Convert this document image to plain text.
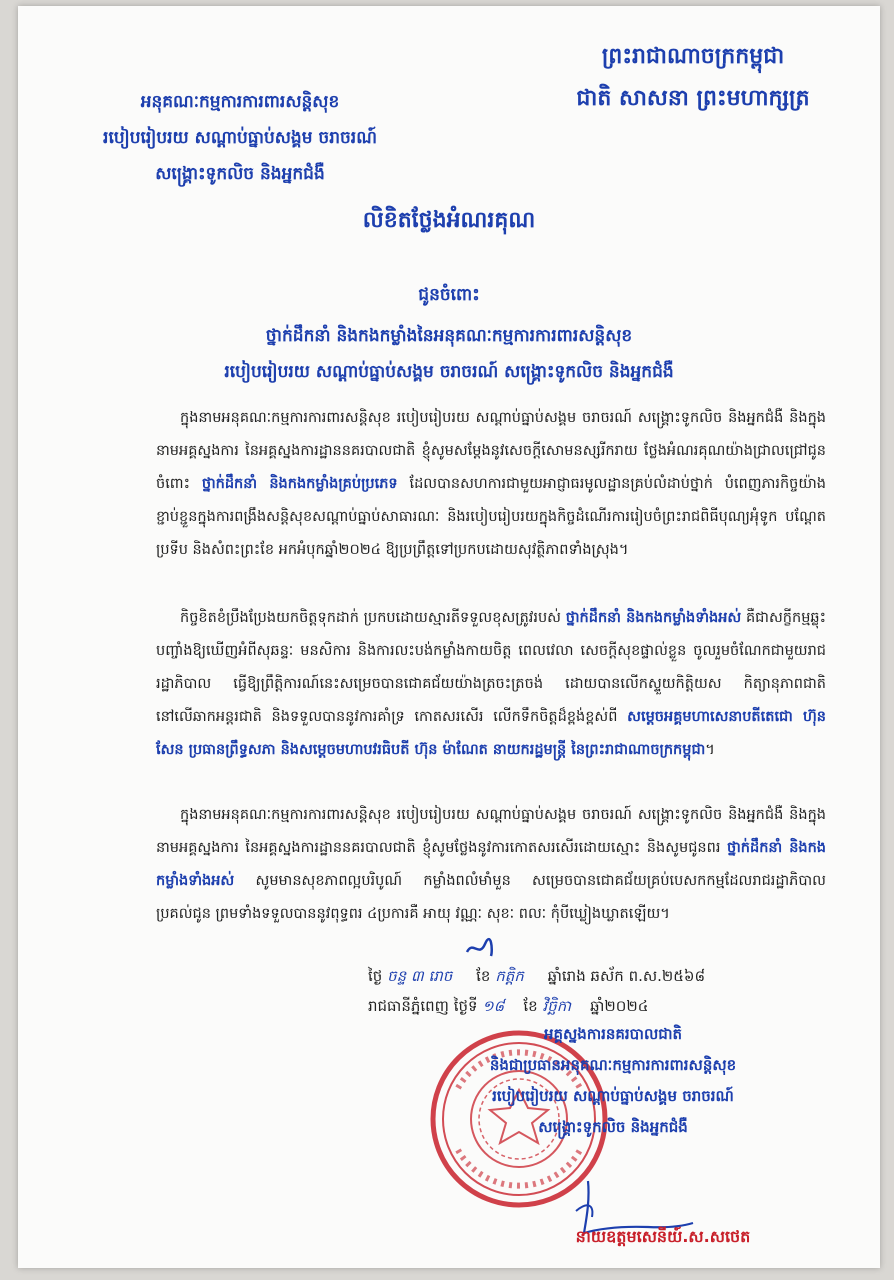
ព្រះរាជាណាចក្រកម្ពុជា
ជាតិ សាសនា ព្រះមហាក្សត្រ
អនុគណៈកម្មការការពារសន្តិសុខ
របៀបរៀបរយ សណ្តាប់ធ្នាប់សង្គម ចរាចរណ៍
សង្គ្រោះទូកលិច និងអ្នកជំងឺ
លិខិតថ្លែងអំណរគុណ
ជូនចំពោះ
ថ្នាក់ដឹកនាំ និងកងកម្លាំងនៃអនុគណៈកម្មការការពារសន្តិសុខ
របៀបរៀបរយ សណ្តាប់ធ្នាប់សង្គម ចរាចរណ៍ សង្គ្រោះទូកលិច និងអ្នកជំងឺ
ក្នុងនាមអនុគណៈកម្មការការពារសន្តិសុខ របៀបរៀបរយ សណ្តាប់ធ្នាប់សង្គម ចរាចរណ៍ សង្គ្រោះទូកលិច និងអ្នកជំងឺ និងក្នុងនាមអគ្គស្នងការ នៃអគ្គស្នងការដ្ឋាននគរបាលជាតិ ខ្ញុំសូមសម្តែងនូវសេចក្តីសោមនស្សរីករាយ ថ្លែងអំណរគុណយ៉ាងជ្រាលជ្រៅជូនចំពោះ ថ្នាក់ដឹកនាំ និងកងកម្លាំងគ្រប់ប្រភេទ ដែលបានសហការជាមួយអាជ្ញាធរមូលដ្ឋានគ្រប់លំដាប់ថ្នាក់ បំពេញភារកិច្ចយ៉ាងខ្ជាប់ខ្ជួនក្នុងការពង្រឹងសន្តិសុខសណ្តាប់ធ្នាប់សាធារណៈ និងរបៀបរៀបរយក្នុងកិច្ចដំណើរការរៀបចំព្រះរាជពិធីបុណ្យអុំទូក បណ្តែតប្រទីប និងសំពះព្រះខែ អកអំបុកឆ្នាំ២០២៤ ឱ្យប្រព្រឹត្តទៅប្រកបដោយសុវត្ថិភាពទាំងស្រុង។
កិច្ចខិតខំប្រឹងប្រែងយកចិត្តទុកដាក់ ប្រកបដោយស្មារតីទទួលខុសត្រូវរបស់ ថ្នាក់ដឹកនាំ និងកងកម្លាំងទាំងអស់ គឺជាសក្ខីកម្មឆ្លុះបញ្ចាំងឱ្យឃើញអំពីសុឆន្ទៈ មនសិការ និងការលះបង់កម្លាំងកាយចិត្ត ពេលវេលា សេចក្តីសុខផ្ទាល់ខ្លួន ចូលរួមចំណែកជាមួយរាជរដ្ឋាភិបាល ធ្វើឱ្យព្រឹត្តិការណ៍នេះសម្រេចបានជោគជ័យយ៉ាងត្រចះត្រចង់ ដោយបានលើកស្ទួយកិត្តិយស កិត្យានុភាពជាតិនៅលើឆាកអន្តរជាតិ និងទទួលបាននូវការគាំទ្រ កោតសរសើរ លើកទឹកចិត្តដ៏ខ្ពង់ខ្ពស់ពី សម្តេចអគ្គមហាសេនាបតីតេជោ ហ៊ុន សែន ប្រធានព្រឹទ្ធសភា និងសម្តេចមហាបវរធិបតី ហ៊ុន ម៉ាណែត នាយករដ្ឋមន្ត្រី នៃព្រះរាជាណាចក្រកម្ពុជា។
ក្នុងនាមអនុគណៈកម្មការការពារសន្តិសុខ របៀបរៀបរយ សណ្តាប់ធ្នាប់សង្គម ចរាចរណ៍ សង្គ្រោះទូកលិច និងអ្នកជំងឺ និងក្នុងនាមអគ្គស្នងការ នៃអគ្គស្នងការដ្ឋាននគរបាលជាតិ ខ្ញុំសូមថ្លែងនូវការកោតសរសើរដោយស្មោះ និងសូមជូនពរ ថ្នាក់ដឹកនាំ និងកងកម្លាំងទាំងអស់ សូមមានសុខភាពល្អបរិបូណ៍ កម្លាំងពលំមាំមួន សម្រេចបានជោគជ័យគ្រប់បេសកកម្មដែលរាជរដ្ឋាភិបាលប្រគល់ជូន ព្រមទាំងទទួលបាននូវពុទ្ធពរ ៤ប្រការគឺ អាយុ វណ្ណៈ សុខៈ ពលៈ កុំបីឃ្លៀងឃ្លាតឡើយ។
ថ្ងៃ ចន្ទ ៣ រោច ខែ កត្តិក ឆ្នាំរោង ឆស័ក ព.ស.២៥៦៨
រាជធានីភ្នំពេញ ថ្ងៃទី ១៨ ខែ វិច្ឆិកា ឆ្នាំ២០២៤
អគ្គស្នងការនគរបាលជាតិ
និងជាប្រធានអនុគណៈកម្មការការពារសន្តិសុខ
របៀបរៀបរយ សណ្តាប់ធ្នាប់សង្គម ចរាចរណ៍
សង្គ្រោះទូកលិច និងអ្នកជំងឺ
នាយឧត្តមសេនីយ៍.ស.សថេត
